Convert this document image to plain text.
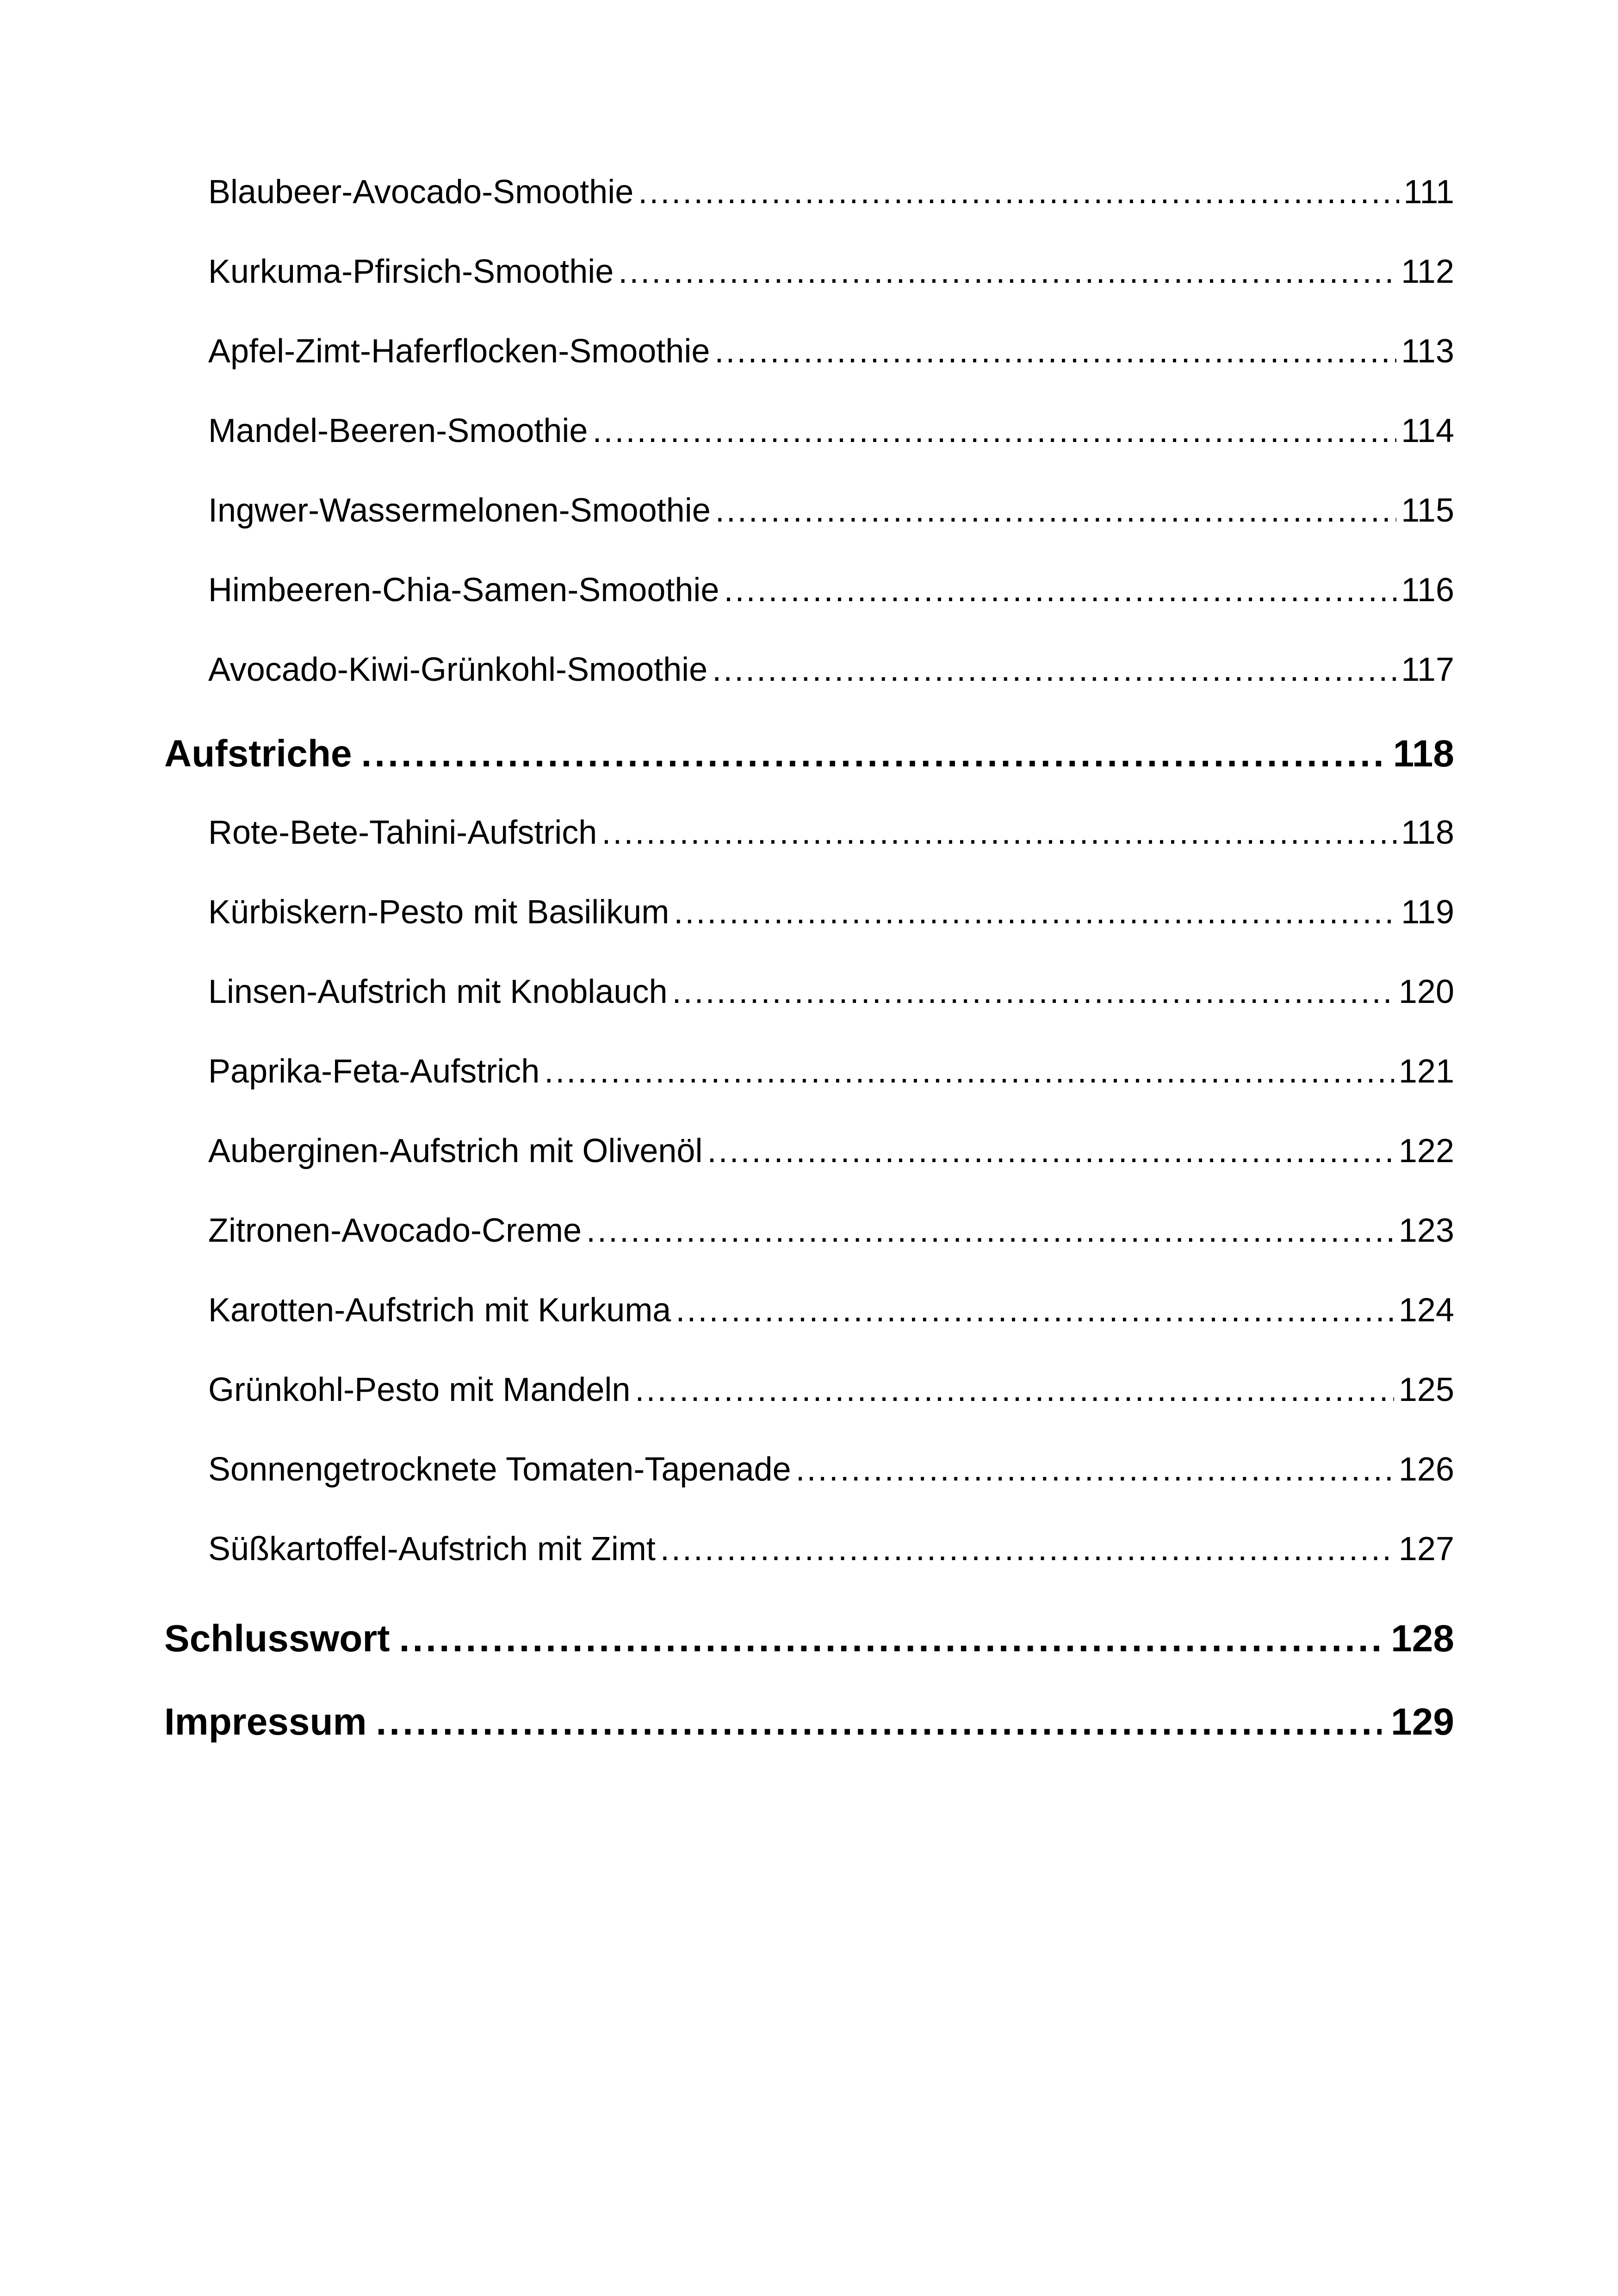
Blaubeer-Avocado-Smoothie .....	111
Kurkuma-Pfirsich-Smoothie .....	112
Apfel-Zimt-Haferflocken-Smoothie .....	113
Mandel-Beeren-Smoothie .....	114
Ingwer-Wassermelonen-Smoothie .....	115
Himbeeren-Chia-Samen-Smoothie .....	116
Avocado-Kiwi-Grünkohl-Smoothie .....	117
Aufstriche .....	118
Rote-Bete-Tahini-Aufstrich .....	118
Kürbiskern-Pesto mit Basilikum .....	119
Linsen-Aufstrich mit Knoblauch .....	120
Paprika-Feta-Aufstrich .....	121
Auberginen-Aufstrich mit Olivenöl .....	122
Zitronen-Avocado-Creme .....	123
Karotten-Aufstrich mit Kurkuma .....	124
Grünkohl-Pesto mit Mandeln .....	125
Sonnengetrocknete Tomaten-Tapenade .....	126
Süßkartoffel-Aufstrich mit Zimt .....	127
Schlusswort .....	128
Impressum .....	129
